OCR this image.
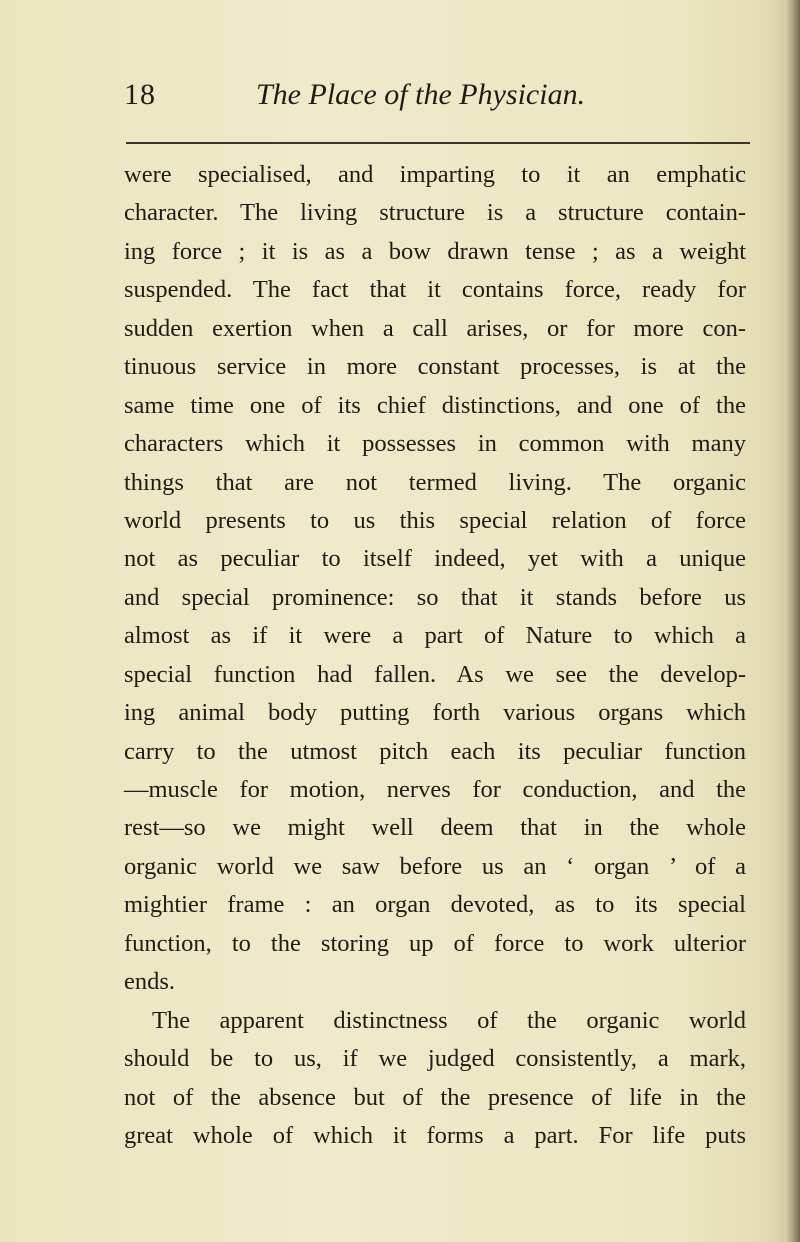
18	The Place of the Physician.
were specialised, and imparting to it an emphatic
character. The living structure is a structure contain-
ing force ; it is as a bow drawn tense ; as a weight
suspended. The fact that it contains force, ready for
sudden exertion when a call arises, or for more con-
tinuous service in more constant processes, is at the
same time one of its chief distinctions, and one of the
characters which it possesses in common with many
things that are not termed living. The organic
world presents to us this special relation of force
not as peculiar to itself indeed, yet with a unique
and special prominence: so that it stands before us
almost as if it were a part of Nature to which a
special function had fallen. As we see the develop-
ing animal body putting forth various organs which
carry to the utmost pitch each its peculiar function
—muscle for motion, nerves for conduction, and the
rest—so we might well deem that in the whole
organic world we saw before us an ‘ organ ’ of a
mightier frame : an organ devoted, as to its special
function, to the storing up of force to work ulterior
ends.
The apparent distinctness of the organic world
should be to us, if we judged consistently, a mark,
not of the absence but of the presence of life in the
great whole of which it forms a part. For life puts
